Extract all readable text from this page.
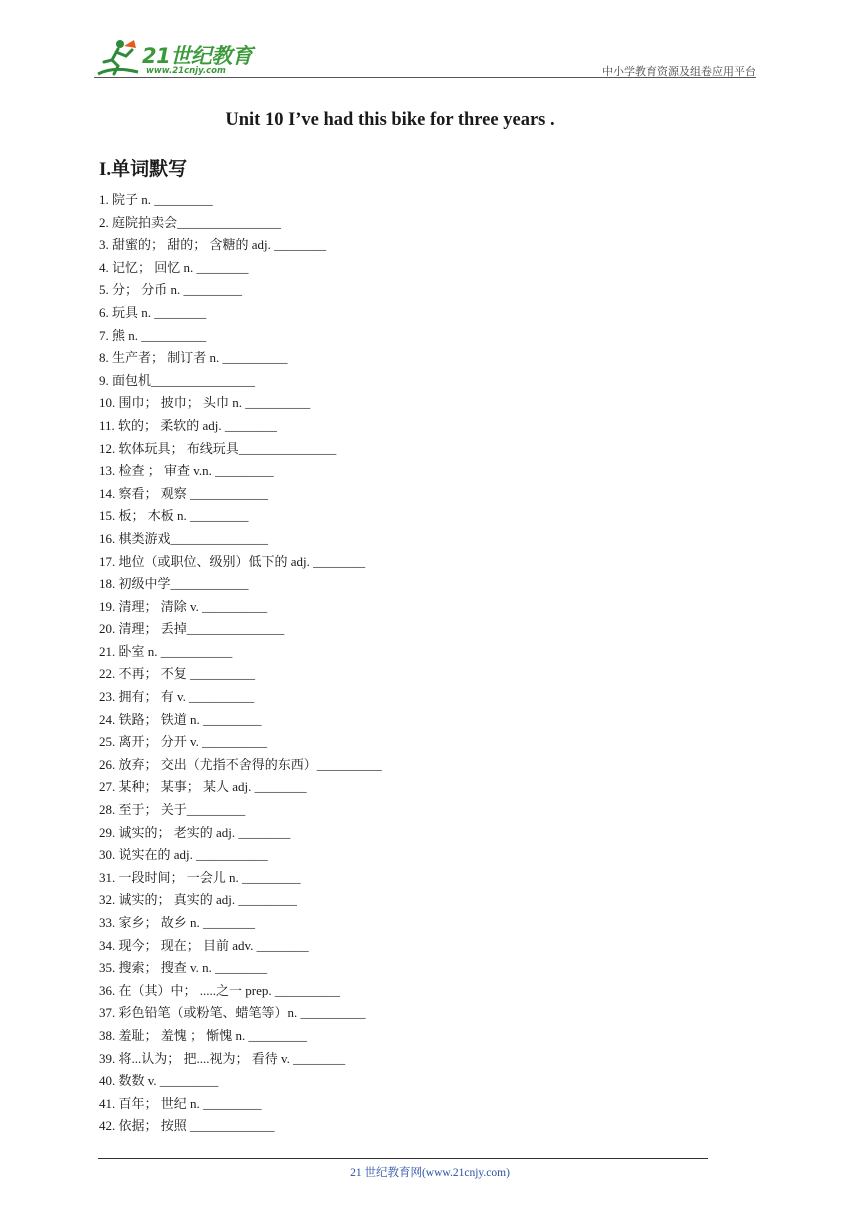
21世纪教育
www.21cnjy.com	中小学教育资源及组卷应用平台
Unit 10 I’ve had this bike for three years .
I.单词默写
1. 院子 n. _________
2. 庭院拍卖会________________
3. 甜蜜的； 甜的； 含糖的 adj. ________
4. 记忆； 回忆 n. ________
5. 分； 分币 n. _________
6. 玩具 n. ________
7. 熊 n. __________
8. 生产者； 制订者 n. __________
9. 面包机________________
10. 围巾； 披巾； 头巾 n. __________
11. 软的； 柔软的 adj. ________
12. 软体玩具； 布线玩具_______________
13. 检查 ； 审查 v.n. _________
14. 察看； 观察 ____________
15. 板； 木板 n. _________
16. 棋类游戏_______________
17. 地位（或职位、级别）低下的 adj. ________
18. 初级中学____________
19. 清理； 清除 v. __________
20. 清理； 丢掉_______________
21. 卧室 n. ___________
22. 不再； 不复 __________
23. 拥有； 有 v. __________
24. 铁路； 铁道 n. _________
25. 离开； 分开 v. __________
26. 放弃； 交出（尤指不舍得的东西）__________
27. 某种； 某事； 某人 adj. ________
28. 至于； 关于_________
29. 诚实的； 老实的 adj. ________
30. 说实在的 adj. ___________
31. 一段时间； 一会儿 n. _________
32. 诚实的； 真实的 adj. _________
33. 家乡； 故乡 n. ________
34. 现今； 现在； 目前 adv. ________
35. 搜索； 搜查 v. n. ________
36. 在（其）中； .....之一 prep. __________
37. 彩色铅笔（或粉笔、蜡笔等）n. __________
38. 羞耻； 羞愧 ； 惭愧 n. _________
39. 将...认为； 把....视为； 看待 v. ________
40. 数数 v. _________
41. 百年； 世纪 n. _________
42. 依据； 按照 _____________
21 世纪教育网(www.21cnjy.com)
